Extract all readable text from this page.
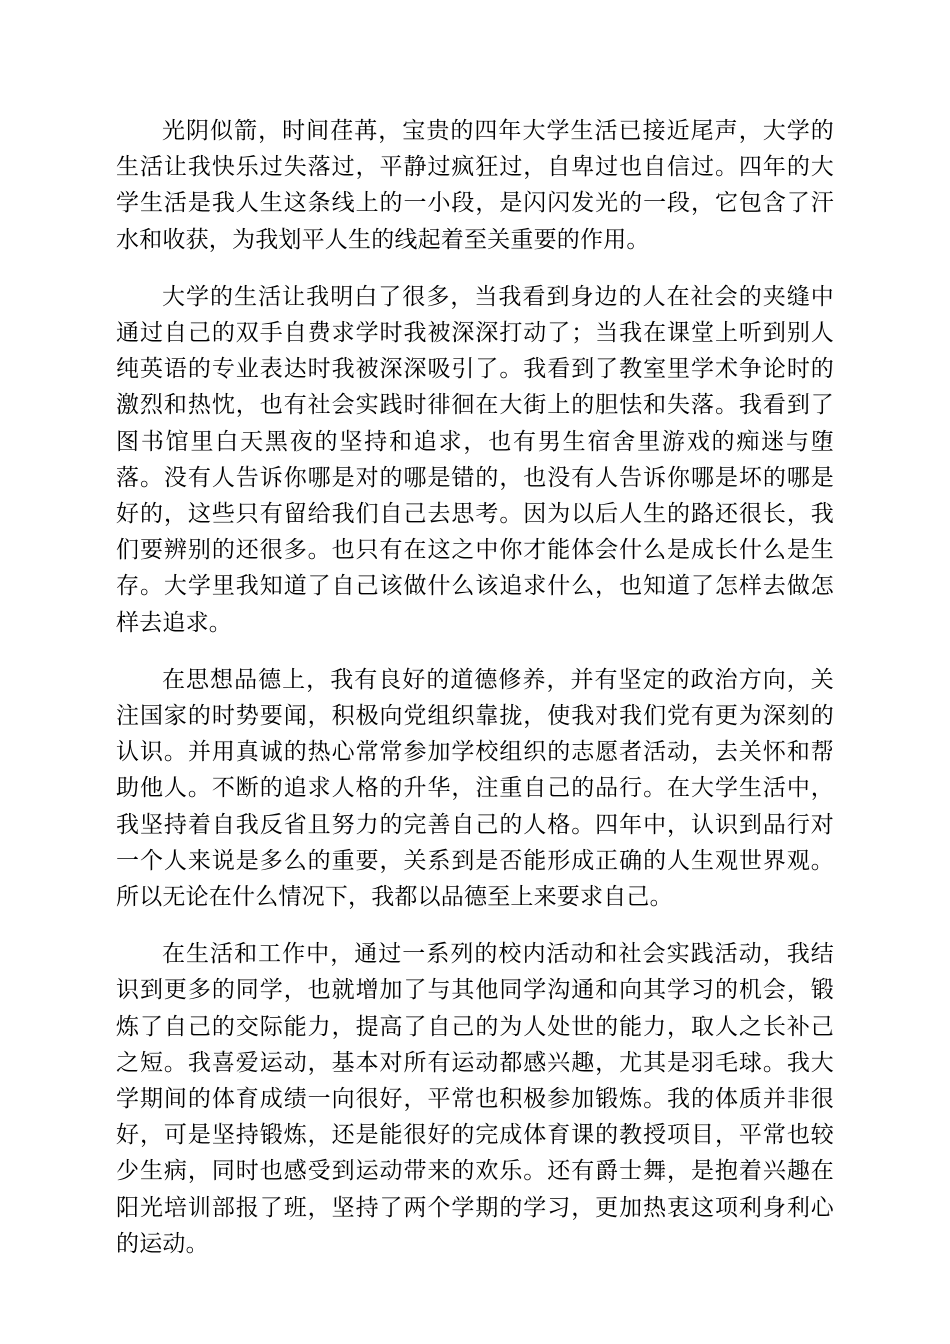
光阴似箭，时间荏苒，宝贵的四年大学生活已接近尾声，大学的生活让我快乐过失落过，平静过疯狂过，自卑过也自信过。四年的大学生活是我人生这条线上的一小段，是闪闪发光的一段，它包含了汗水和收获，为我划平人生的线起着至关重要的作用。

大学的生活让我明白了很多，当我看到身边的人在社会的夹缝中通过自己的双手自费求学时我被深深打动了；当我在课堂上听到别人纯英语的专业表达时我被深深吸引了。我看到了教室里学术争论时的激烈和热忱，也有社会实践时徘徊在大街上的胆怯和失落。我看到了图书馆里白天黑夜的坚持和追求，也有男生宿舍里游戏的痴迷与堕落。没有人告诉你哪是对的哪是错的，也没有人告诉你哪是坏的哪是好的，这些只有留给我们自己去思考。因为以后人生的路还很长，我们要辨别的还很多。也只有在这之中你才能体会什么是成长什么是生存。大学里我知道了自己该做什么该追求什么，也知道了怎样去做怎样去追求。

在思想品德上，我有良好的道德修养，并有坚定的政治方向，关注国家的时势要闻，积极向党组织靠拢，使我对我们党有更为深刻的认识。并用真诚的热心常常参加学校组织的志愿者活动，去关怀和帮助他人。不断的追求人格的升华，注重自己的品行。在大学生活中，我坚持着自我反省且努力的完善自己的人格。四年中，认识到品行对一个人来说是多么的重要，关系到是否能形成正确的人生观世界观。所以无论在什么情况下，我都以品德至上来要求自己。

在生活和工作中，通过一系列的校内活动和社会实践活动，我结识到更多的同学，也就增加了与其他同学沟通和向其学习的机会，锻炼了自己的交际能力，提高了自己的为人处世的能力，取人之长补己之短。我喜爱运动，基本对所有运动都感兴趣，尤其是羽毛球。我大学期间的体育成绩一向很好，平常也积极参加锻炼。我的体质并非很好，可是坚持锻炼，还是能很好的完成体育课的教授项目，平常也较少生病，同时也感受到运动带来的欢乐。还有爵士舞，是抱着兴趣在阳光培训部报了班，坚持了两个学期的学习，更加热衷这项利身利心的运动。
